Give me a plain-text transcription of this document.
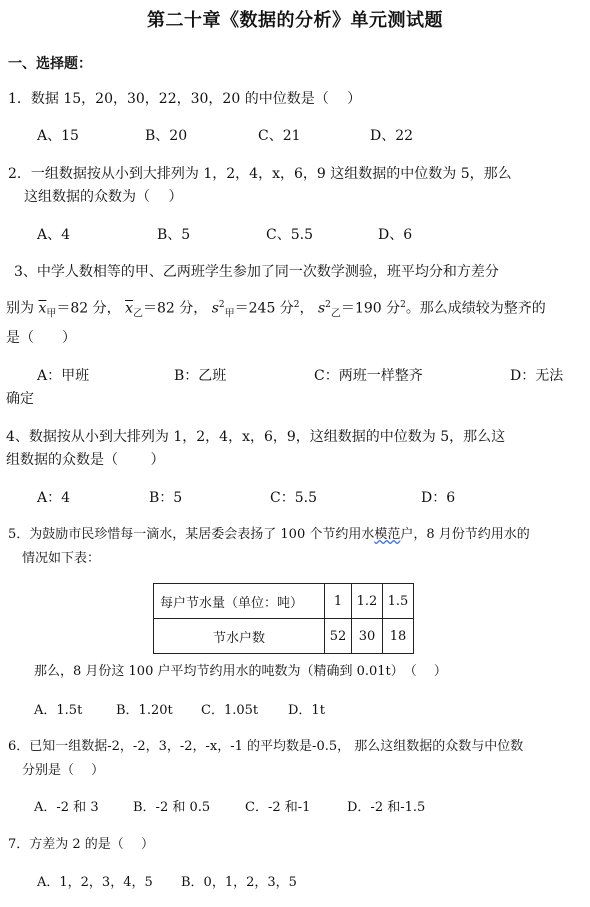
第二十章《数据的分析》单元测试题
一、选择题：
1．数据 15，20，30，22，30，20 的中位数是（　 ）
A、15	B、20	C、21	D、22
2．一组数据按从小到大排列为 1，2，4，x，6，9 这组数据的中位数为 5，那么
这组数据的众数为（　 ）
A、4	B、5	C、5.5	D、6
3、中学人数相等的甲、乙两班学生参加了同一次数学测验，班平均分和方差分
别为 $\overline{x}_甲=82$ 分， $\overline{x}_乙=82$ 分， $s^2_甲=245$ 分$^2$， $s^2_乙=190$ 分$^2$。那么成绩较为整齐的
是（　　）
A：甲班	B：乙班	C：两班一样整齐	D：无法
确定
4、数据按从小到大排列为 1，2，4，x，6，9，这组数据的中位数为 5，那么这
组数据的众数是（　　 ）
A：4	B：5	C：5.5	D：6
5．为鼓励市民珍惜每一滴水，某居委会表扬了 100 个节约用水模范户，8 月份节约用水的
情况如下表：
每户节水量（单位：吨）	1	1.2	1.5
节水户数	52	30	18
那么，8 月份这 100 户平均节约用水的吨数为（精确到 0.01t）　（　 ）
A．1.5t	B．1.20t C．1.05t D．1t
6．已知一组数据-2，-2，3，-2，-x，-1 的平均数是-0.5， 那么这组数据的众数与中位数
分别是（　 ）
A．-2 和 3	B．-2 和 0.5	C．-2 和-1	D．-2 和-1.5
7．方差为 2 的是（　 ）
A．1，2，3，4，5 B．0，1，2，3，5
